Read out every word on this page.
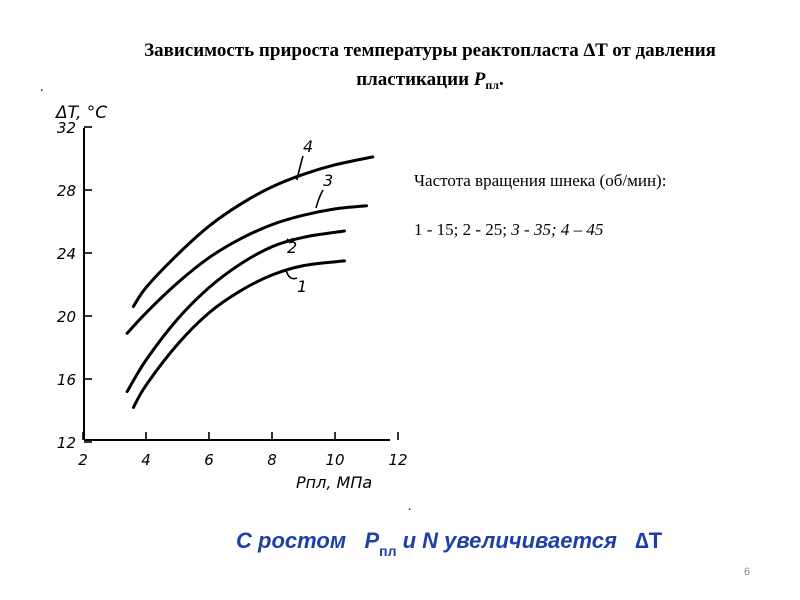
Зависимость прироста температуры реактопласта ∆T от давления
пластикации $Р_{пл}$.
.
.
12
16
20
24
28
32
2	4	6	8	10	12
1
2
3
4
ΔT, °C
Pпл, МПа
Частота вращения шнека (об/мин):
1 - 15; 2 - 25; 3 - 35; 4 – 45
С ростом   $Р_{пл}$ и N увеличивается   ∆T
6
